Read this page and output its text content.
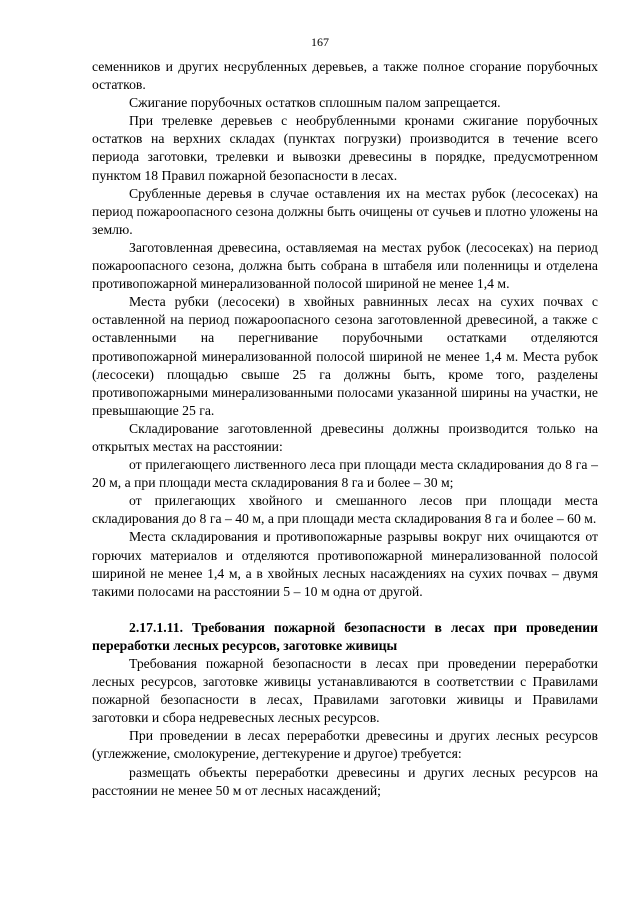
167

семенников и других несрубленных деревьев, а также полное сгорание порубочных остатков.

Сжигание порубочных остатков сплошным палом запрещается.

При трелевке деревьев с необрубленными кронами сжигание порубочных остатков на верхних складах (пунктах погрузки) производится в течение всего периода заготовки, трелевки и вывозки древесины в порядке, предусмотренном пунктом 18 Правил пожарной безопасности в лесах.

Срубленные деревья в случае оставления их на местах рубок (лесосеках) на период пожароопасного сезона должны быть очищены от сучьев и плотно уложены на землю.

Заготовленная древесина, оставляемая на местах рубок (лесосеках) на период пожароопасного сезона, должна быть собрана в штабеля или поленницы и отделена противопожарной минерализованной полосой шириной не менее 1,4 м.

Места рубки (лесосеки) в хвойных равнинных лесах на сухих почвах с оставленной на период пожароопасного сезона заготовленной древесиной, а также с оставленными на перегнивание порубочными остатками отделяются противопожарной минерализованной полосой шириной не менее 1,4 м. Места рубок (лесосеки) площадью свыше 25 га должны быть, кроме того, разделены противопожарными минерализованными полосами указанной ширины на участки, не превышающие 25 га.

Складирование заготовленной древесины должны производится только на открытых местах на расстоянии:

от прилегающего лиственного леса при площади места складирования до 8 га – 20 м, а при площади места складирования 8 га и более – 30 м;

от прилегающих хвойного и смешанного лесов при площади места складирования до 8 га – 40 м, а при площади места складирования 8 га и более – 60 м.

Места складирования и противопожарные разрывы вокруг них очищаются от горючих материалов и отделяются противопожарной минерализованной полосой шириной не менее 1,4 м, а в хвойных лесных насаждениях на сухих почвах – двумя такими полосами на расстоянии 5 – 10 м одна от другой.

2.17.1.11. Требования пожарной безопасности в лесах при проведении переработки лесных ресурсов, заготовке живицы

Требования пожарной безопасности в лесах при проведении переработки лесных ресурсов, заготовке живицы устанавливаются в соответствии с Правилами пожарной безопасности в лесах, Правилами заготовки живицы и Правилами заготовки и сбора недревесных лесных ресурсов.

При проведении в лесах переработки древесины и других лесных ресурсов (углежжение, смолокурение, дегтекурение и другое) требуется:

размещать объекты переработки древесины и других лесных ресурсов на расстоянии не менее 50 м от лесных насаждений;
